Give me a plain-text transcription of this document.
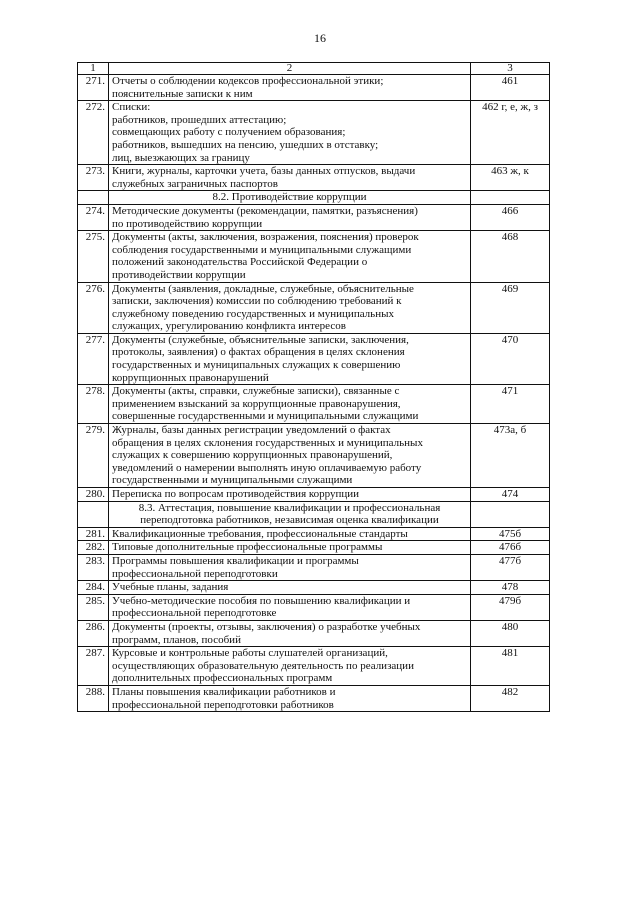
16
1	2	3
271.	Отчеты о соблюдении кодексов профессиональной этики;
пояснительные записки к ним	461
272.	Списки:
работников, прошедших аттестацию;
совмещающих работу с получением образования;
работников, вышедших на пенсию, ушедших в отставку;
лиц, выезжающих за границу	462 г, е, ж, з
273.	Книги, журналы, карточки учета, базы данных отпусков, выдачи
служебных заграничных паспортов	463 ж, к

	8.2. Противодействие коррупции	

274.	Методические документы (рекомендации, памятки, разъяснения)
по противодействию коррупции	466
275.	Документы (акты, заключения, возражения, пояснения) проверок
соблюдения государственными и муниципальными служащими
положений законодательства Российской Федерации о
противодействии коррупции	468
276.	Документы (заявления, докладные, служебные, объяснительные
записки, заключения) комиссии по соблюдению требований к
служебному поведению государственных и муниципальных
служащих, урегулированию конфликта интересов	469
277.	Документы (служебные, объяснительные записки, заключения,
протоколы, заявления) о фактах обращения в целях склонения
государственных и муниципальных служащих к совершению
коррупционных правонарушений	470
278.	Документы (акты, справки, служебные записки), связанные с
применением взысканий за коррупционные правонарушения,
совершенные государственными и муниципальными служащими	471
279.	Журналы, базы данных регистрации уведомлений о фактах
обращения в целях склонения государственных и муниципальных
служащих к совершению коррупционных правонарушений,
уведомлений о намерении выполнять иную оплачиваемую работу
государственными и муниципальными служащими	473а, б
280.	Переписка по вопросам противодействия коррупции	474

	8.3. Аттестация, повышение квалификации и профессиональная
переподготовка работников, независимая оценка квалификации	

281.	Квалификационные требования, профессиональные стандарты	475б
282.	Типовые дополнительные профессиональные программы	476б
283.	Программы повышения квалификации и программы
профессиональной переподготовки	477б
284.	Учебные планы, задания	478
285.	Учебно-методические пособия по повышению квалификации и
профессиональной переподготовке	479б
286.	Документы (проекты, отзывы, заключения) о разработке учебных
программ, планов, пособий	480
287.	Курсовые и контрольные работы слушателей организаций,
осуществляющих образовательную деятельность по реализации
дополнительных профессиональных программ	481
288.	Планы повышения квалификации работников и
профессиональной переподготовки работников	482
